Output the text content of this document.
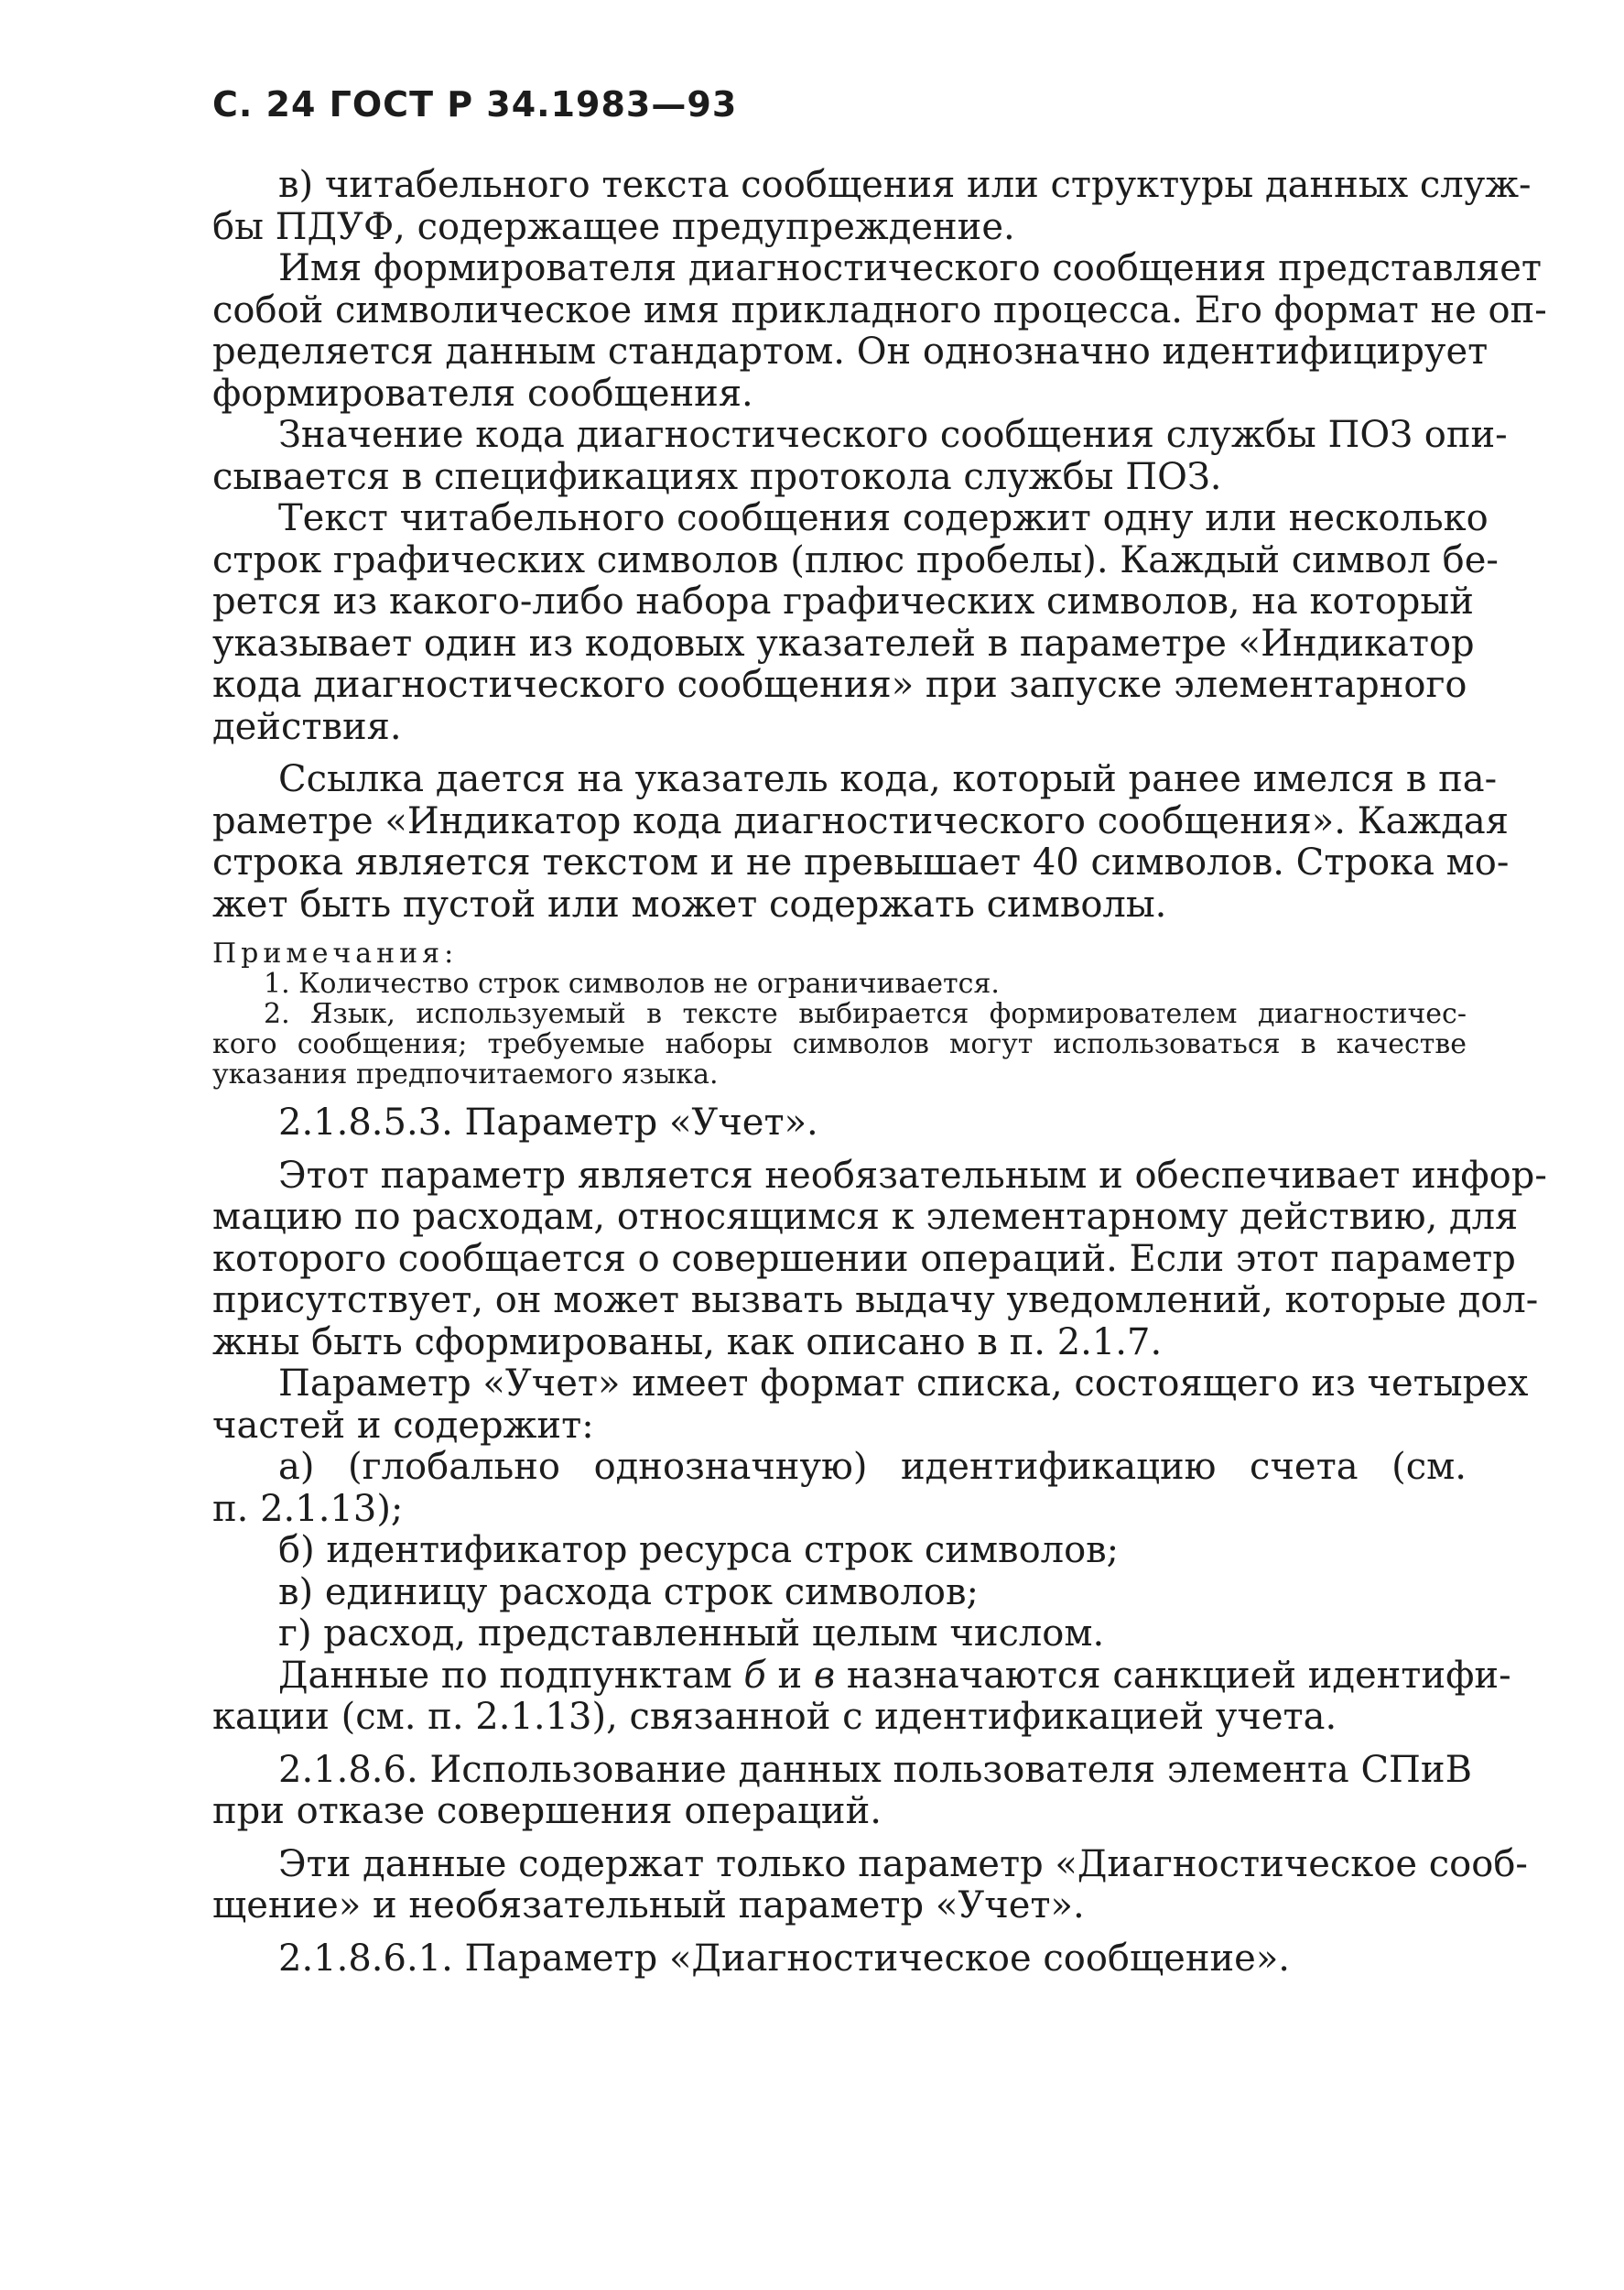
С. 24 ГОСТ Р 34.1983—93
в) читабельного текста сообщения или структуры данных служ-
бы ПДУФ, содержащее предупреждение.
Имя формирователя диагностического сообщения представляет
собой символическое имя прикладного процесса. Его формат не оп-
ределяется данным стандартом. Он однозначно идентифицирует
формирователя сообщения.
Значение кода диагностического сообщения службы ПОЗ опи-
сывается в спецификациях протокола службы ПОЗ.
Текст читабельного сообщения содержит одну или несколько
строк графических символов (плюс пробелы). Каждый символ бе-
рется из какого-либо набора графических символов, на который
указывает один из кодовых указателей в параметре «Индикатор
кода диагностического сообщения» при запуске элементарного
действия.
Ссылка дается на указатель кода, который ранее имелся в па-
раметре «Индикатор кода диагностического сообщения». Каждая
строка является текстом и не превышает 40 символов. Строка мо-
жет быть пустой или может содержать символы.
Примечания:
1. Количество строк символов не ограничивается.
2. Язык, используемый в тексте выбирается формирователем диагностичес-
кого сообщения; требуемые наборы символов могут использоваться в качестве
указания предпочитаемого языка.
2.1.8.5.3. Параметр «Учет».
Этот параметр является необязательным и обеспечивает инфор-
мацию по расходам, относящимся к элементарному действию, для
которого сообщается о совершении операций. Если этот параметр
присутствует, он может вызвать выдачу уведомлений, которые дол-
жны быть сформированы, как описано в п. 2.1.7.
Параметр «Учет» имеет формат списка, состоящего из четырех
частей и содержит:
а) (глобально однозначную) идентификацию счета (см.
п. 2.1.13);
б) идентификатор ресурса строк символов;
в) единицу расхода строк символов;
г) расход, представленный целым числом.
Данные по подпунктам б и в назначаются санкцией идентифи-
кации (см. п. 2.1.13), связанной с идентификацией учета.
2.1.8.6. Использование данных пользователя элемента СПиВ
при отказе совершения операций.
Эти данные содержат только параметр «Диагностическое сооб-
щение» и необязательный параметр «Учет».
2.1.8.6.1. Параметр «Диагностическое сообщение».
